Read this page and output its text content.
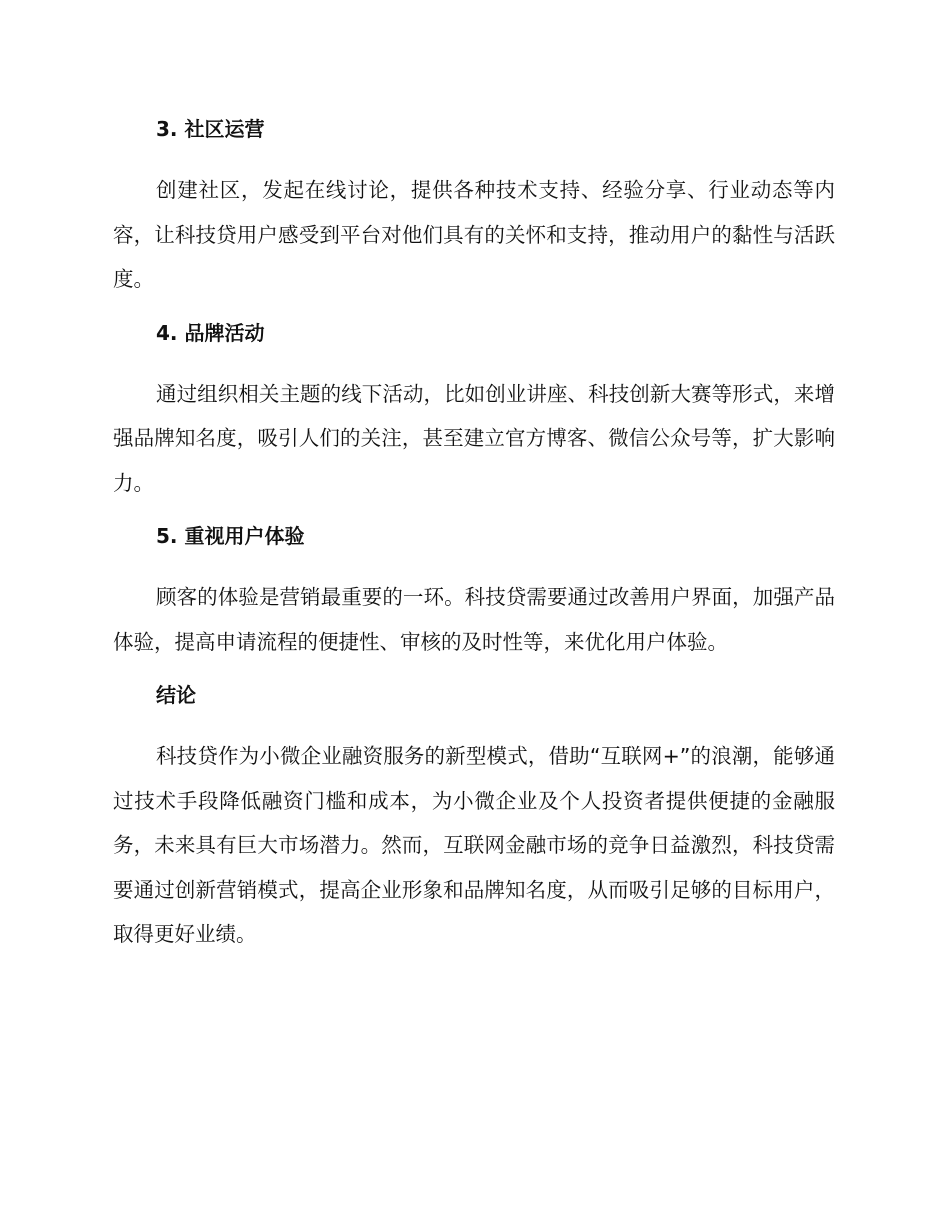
3. 社区运营

创建社区，发起在线讨论，提供各种技术支持、经验分享、行业动态等内容，让科技贷用户感受到平台对他们具有的关怀和支持，推动用户的黏性与活跃度。

4. 品牌活动

通过组织相关主题的线下活动，比如创业讲座、科技创新大赛等形式，来增强品牌知名度，吸引人们的关注，甚至建立官方博客、微信公众号等，扩大影响力。

5. 重视用户体验

顾客的体验是营销最重要的一环。科技贷需要通过改善用户界面，加强产品体验，提高申请流程的便捷性、审核的及时性等，来优化用户体验。

结论

科技贷作为小微企业融资服务的新型模式，借助“互联网+”的浪潮，能够通过技术手段降低融资门槛和成本，为小微企业及个人投资者提供便捷的金融服务，未来具有巨大市场潜力。然而，互联网金融市场的竞争日益激烈，科技贷需要通过创新营销模式，提高企业形象和品牌知名度，从而吸引足够的目标用户，取得更好业绩。
